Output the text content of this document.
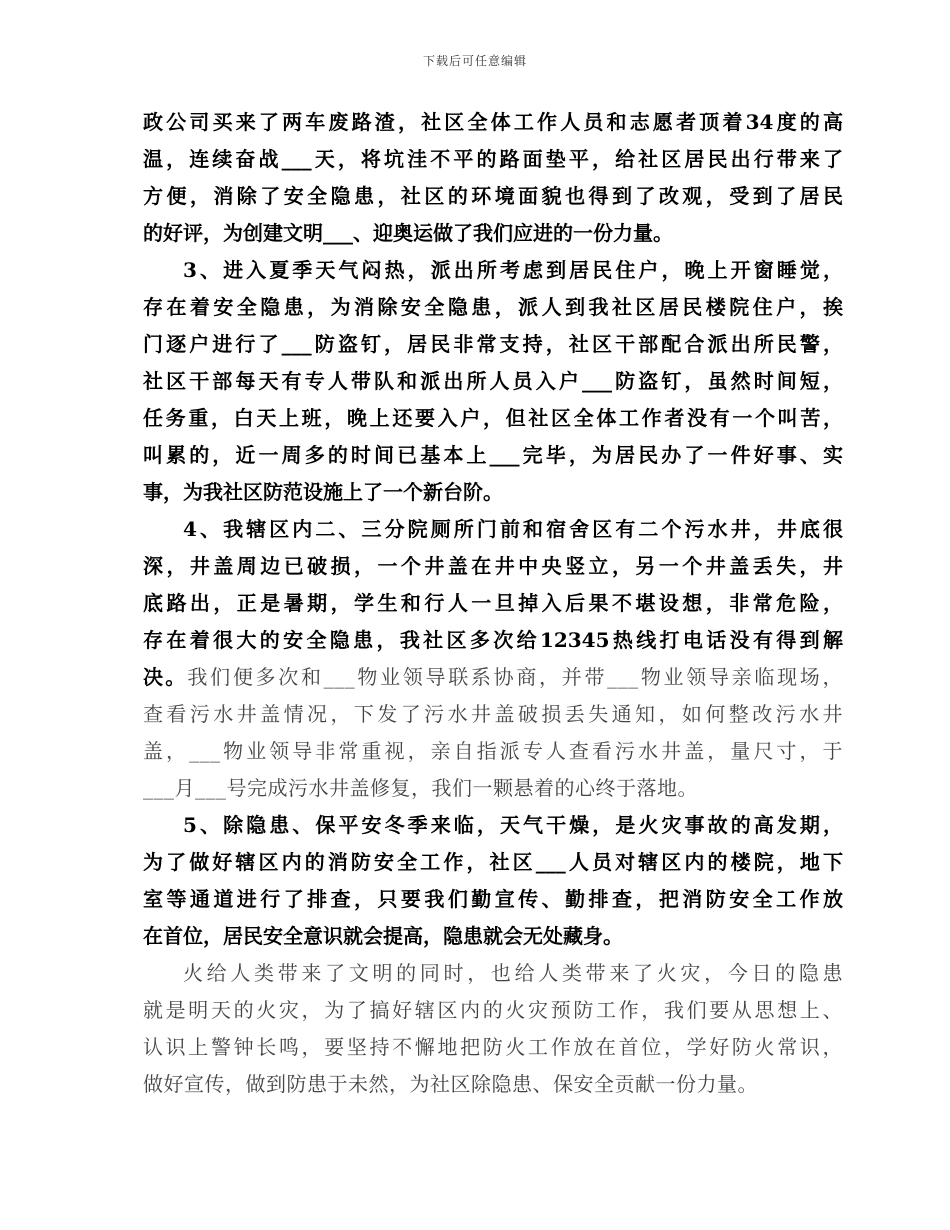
下载后可任意编辑
政公司买来了两车废路渣，社区全体工作人员和志愿者顶着34度的高
温，连续奋战___天，将坑洼不平的路面垫平，给社区居民出行带来了
方便，消除了安全隐患，社区的环境面貌也得到了改观，受到了居民
的好评，为创建文明___、迎奥运做了我们应进的一份力量。
3、进入夏季天气闷热，派出所考虑到居民住户，晚上开窗睡觉，
存在着安全隐患，为消除安全隐患，派人到我社区居民楼院住户，挨
门逐户进行了___防盗钉，居民非常支持，社区干部配合派出所民警，
社区干部每天有专人带队和派出所人员入户___防盗钉，虽然时间短，
任务重，白天上班，晚上还要入户，但社区全体工作者没有一个叫苦，
叫累的，近一周多的时间已基本上___完毕，为居民办了一件好事、实
事，为我社区防范设施上了一个新台阶。
4、我辖区内二、三分院厕所门前和宿舍区有二个污水井，井底很
深，井盖周边已破损，一个井盖在井中央竖立，另一个井盖丢失，井
底路出，正是暑期，学生和行人一旦掉入后果不堪设想，非常危险，
存在着很大的安全隐患，我社区多次给12345热线打电话没有得到解
决。我们便多次和___物业领导联系协商，并带___物业领导亲临现场，
查看污水井盖情况，下发了污水井盖破损丢失通知，如何整改污水井
盖，___物业领导非常重视，亲自指派专人查看污水井盖，量尺寸，于
___月___号完成污水井盖修复，我们一颗悬着的心终于落地。
5、除隐患、保平安冬季来临，天气干燥，是火灾事故的高发期，
为了做好辖区内的消防安全工作，社区___人员对辖区内的楼院，地下
室等通道进行了排查，只要我们勤宣传、勤排查，把消防安全工作放
在首位，居民安全意识就会提高，隐患就会无处藏身。
火给人类带来了文明的同时，也给人类带来了火灾，今日的隐患
就是明天的火灾，为了搞好辖区内的火灾预防工作，我们要从思想上、
认识上警钟长鸣，要坚持不懈地把防火工作放在首位，学好防火常识，
做好宣传，做到防患于未然，为社区除隐患、保安全贡献一份力量。
